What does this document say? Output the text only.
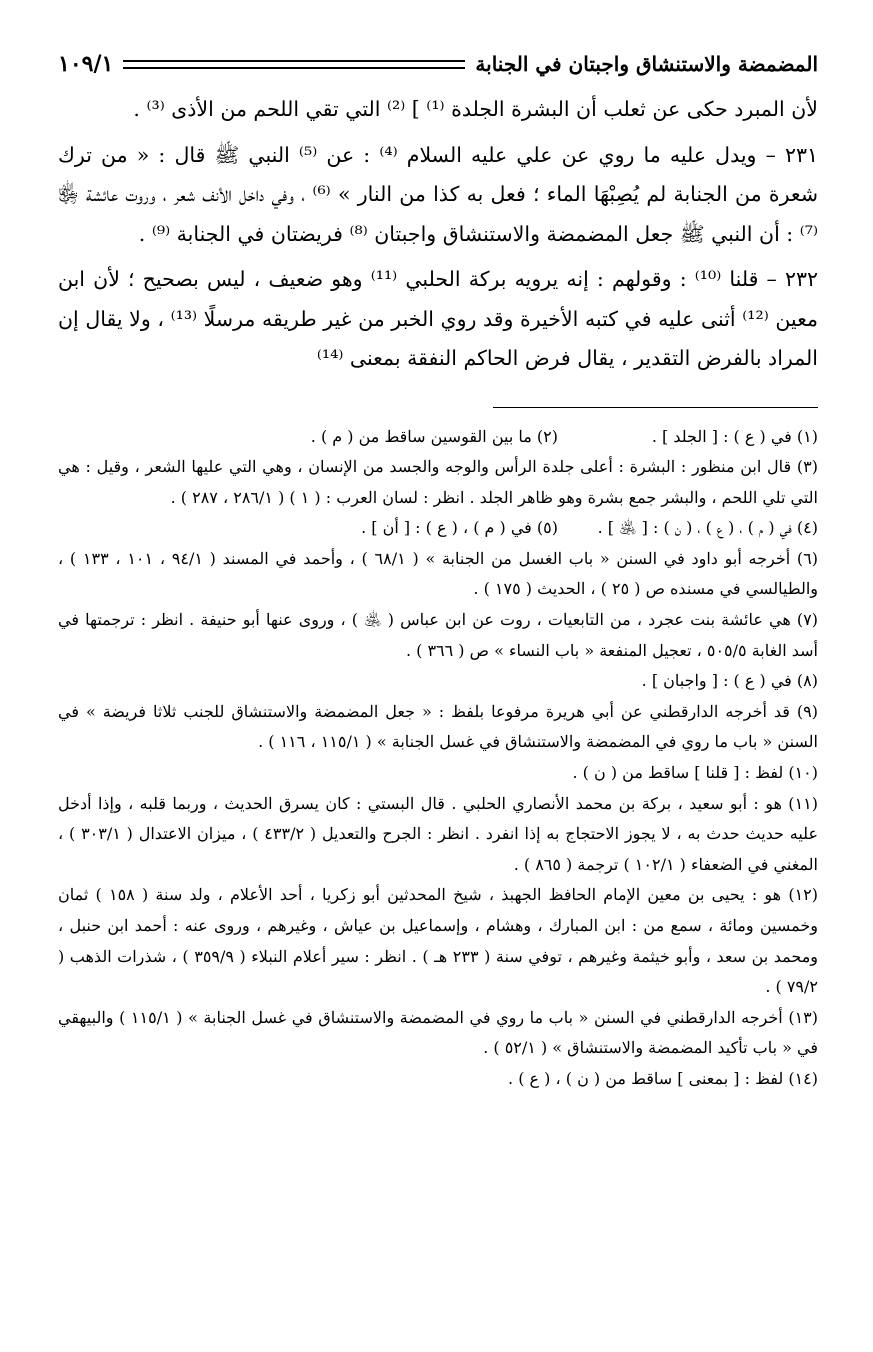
المضمضة والاستنشاق واجبتان في الجنابة
١٠٩/١

لأن المبرد حكى عن ثعلب أن البشرة الجلدة ⁽¹⁾ ] ⁽²⁾ التي تقي اللحم من الأذى ⁽³⁾ .

٢٣١ – ويدل عليه ما روي عن علي عليه السلام ⁽⁴⁾ : عن ⁽⁵⁾ النبي ﷺ قال : « من ترك شعرة من الجنابة لم يُصِبْهَا الماء ؛ فعل به كذا من النار » ⁽⁶⁾ ، وفي داخل الأنف شعر ، وروت عائشة ﵂ ⁽⁷⁾ : أن النبي ﷺ جعل المضمضة والاستنشاق واجبتان ⁽⁸⁾ فريضتان في الجنابة ⁽⁹⁾ .

٢٣٢ – قلنا ⁽¹⁰⁾ : وقولهم : إنه يرويه بركة الحلبي ⁽¹¹⁾ وهو ضعيف ، ليس بصحيح ؛ لأن ابن معين ⁽¹²⁾ أثنى عليه في كتبه الأخيرة وقد روي الخبر من غير طريقه مرسلًا ⁽¹³⁾ ، ولا يقال إن المراد بالفرض التقدير ، يقال فرض الحاكم النفقة بمعنى ⁽¹⁴⁾

(١) في ( ع ) : [ الجلد ] .
(٢) ما بين القوسين ساقط من ( م ) .

(٣) قال ابن منظور : البشرة : أعلى جلدة الرأس والوجه والجسد من الإنسان ، وهي التي عليها الشعر ، وقيل : هي التي تلي اللحم ، والبشر جمع بشرة وهو ظاهر الجلد . انظر : لسان العرب : ( ١ ) ( ٢٨٦/١ ، ٢٨٧ ) .

(٤) في ( م ) ، ( ع ) ، ( ن ) : [ ﵁ ] .
(٥) في ( م ) ، ( ع ) : [ أن ] .

(٦) أخرجه أبو داود في السنن « باب الغسل من الجنابة » ( ٦٨/١ ) ، وأحمد في المسند ( ٩٤/١ ، ١٠١ ، ١٣٣ ) ، والطيالسي في مسنده ص ( ٢٥ ) ، الحديث ( ١٧٥ ) .

(٧) هي عائشة بنت عجرد ، من التابعيات ، روت عن ابن عباس ( ﵁ ) ، وروى عنها أبو حنيفة . انظر : ترجمتها في أسد الغابة ٥٠٥/٥ ، تعجيل المنفعة « باب النساء » ص ( ٣٦٦ ) .

(٨) في ( ع ) : [ واجبان ] .

(٩) قد أخرجه الدارقطني عن أبي هريرة مرفوعا بلفظ : « جعل المضمضة والاستنشاق للجنب ثلاثا فريضة » في السنن « باب ما روي في المضمضة والاستنشاق في غسل الجنابة » ( ١١٥/١ ، ١١٦ ) .

(١٠) لفظ : [ قلنا ] ساقط من ( ن ) .

(١١) هو : أبو سعيد ، بركة بن محمد الأنصاري الحلبي . قال البستي : كان يسرق الحديث ، وربما قلبه ، وإذا أدخل عليه حديث حدث به ، لا يجوز الاحتجاج به إذا انفرد . انظر : الجرح والتعديل ( ٤٣٣/٢ ) ، ميزان الاعتدال ( ٣٠٣/١ ) ، المغني في الضعفاء ( ١٠٢/١ ) ترجمة ( ٨٦٥ ) .

(١٢) هو : يحيى بن معين الإمام الحافظ الجهبذ ، شيخ المحدثين أبو زكريا ، أحد الأعلام ، ولد سنة ( ١٥٨ ) ثمان وخمسين ومائة ، سمع من : ابن المبارك ، وهشام ، وإسماعيل بن عياش ، وغيرهم ، وروى عنه : أحمد ابن حنبل ، ومحمد بن سعد ، وأبو خيثمة وغيرهم ، توفي سنة ( ٢٣٣ هـ ) . انظر : سير أعلام النبلاء ( ٣٥٩/٩ ) ، شذرات الذهب ( ٧٩/٢ ) .

(١٣) أخرجه الدارقطني في السنن « باب ما روي في المضمضة والاستنشاق في غسل الجنابة » ( ١١٥/١ ) والبيهقي في « باب تأكيد المضمضة والاستنشاق » ( ٥٢/١ ) .

(١٤) لفظ : [ بمعنى ] ساقط من ( ن ) ، ( ع ) .
